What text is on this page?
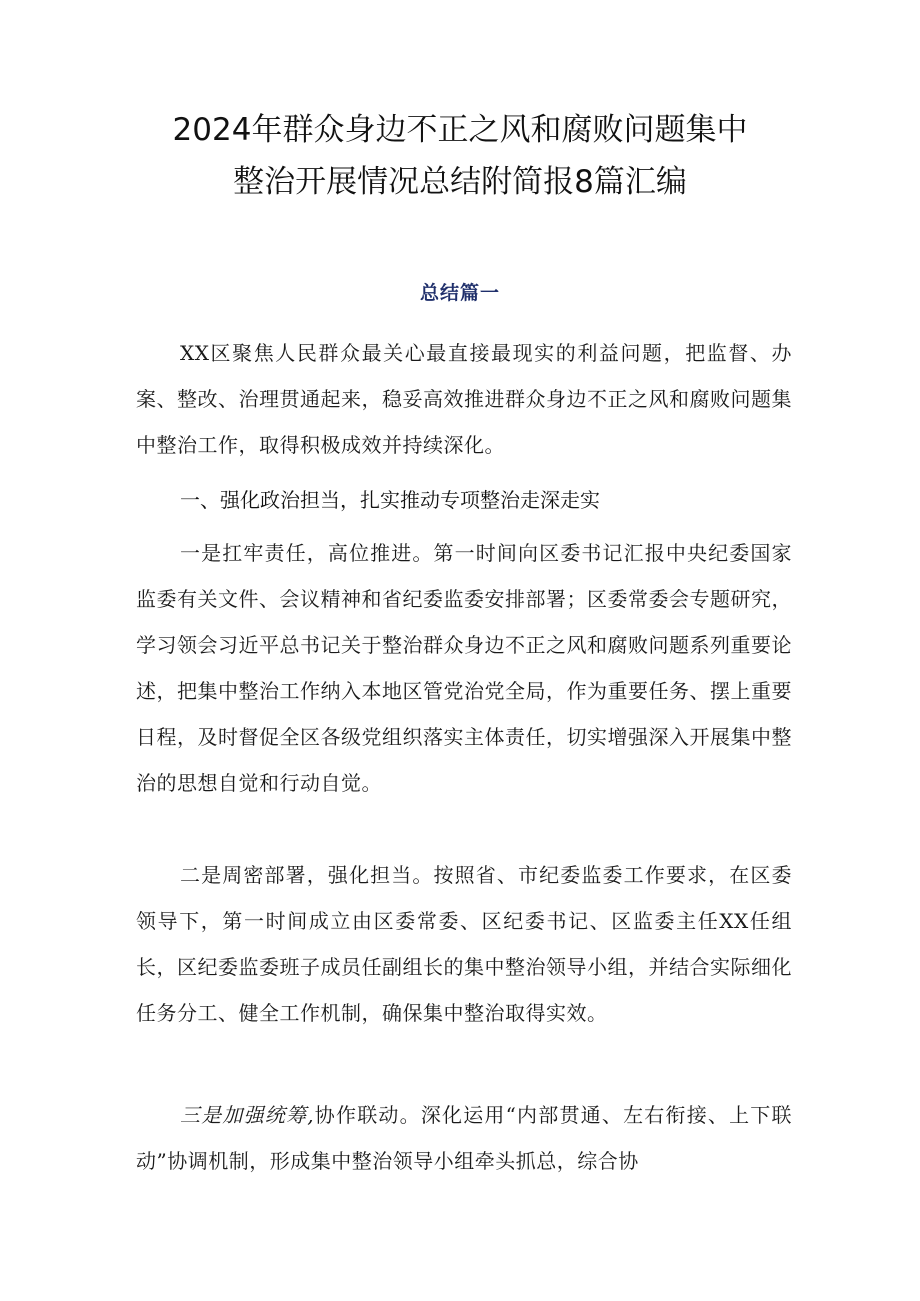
2024年群众身边不正之风和腐败问题集中
整治开展情况总结附简报8篇汇编
总结篇一

XX区聚焦人民群众最关心最直接最现实的利益问题，把监督、办案、整改、治理贯通起来，稳妥高效推进群众身边不正之风和腐败问题集中整治工作，取得积极成效并持续深化。

一、强化政治担当，扎实推动专项整治走深走实

一是扛牢责任，高位推进。第一时间向区委书记汇报中央纪委国家监委有关文件、会议精神和省纪委监委安排部署；区委常委会专题研究，学习领会习近平总书记关于整治群众身边不正之风和腐败问题系列重要论述，把集中整治工作纳入本地区管党治党全局，作为重要任务、摆上重要日程，及时督促全区各级党组织落实主体责任，切实增强深入开展集中整治的思想自觉和行动自觉。

二是周密部署，强化担当。按照省、市纪委监委工作要求，在区委领导下，第一时间成立由区委常委、区纪委书记、区监委主任XX任组长，区纪委监委班子成员任副组长的集中整治领导小组，并结合实际细化任务分工、健全工作机制，确保集中整治取得实效。

三是加强统筹,协作联动。深化运用“内部贯通、左右衔接、上下联动”协调机制，形成集中整治领导小组牵头抓总，综合协
